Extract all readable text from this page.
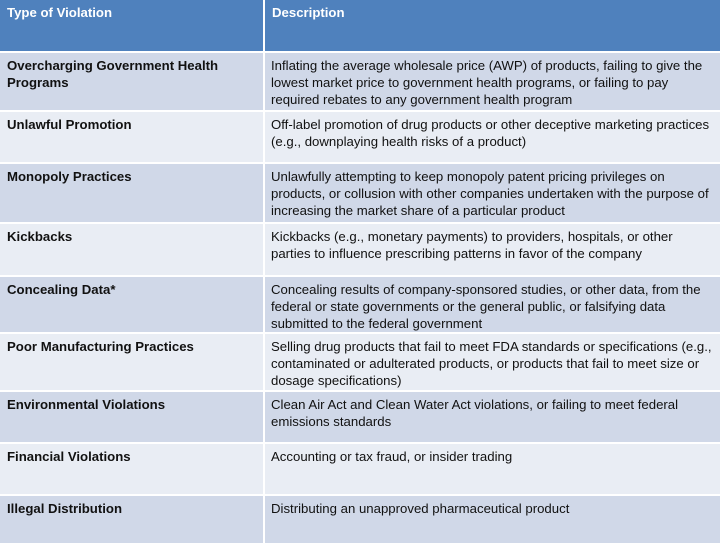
Type of Violation	Description
Overcharging Government Health Programs	Inflating the average wholesale price (AWP) of products, failing to give the lowest market price to government health programs, or failing to pay required rebates to any government health program
Unlawful Promotion	Off-label promotion of drug products or other deceptive marketing practices (e.g., downplaying health risks of a product)
Monopoly Practices	Unlawfully attempting to keep monopoly patent pricing privileges on products, or collusion with other companies undertaken with the purpose of increasing the market share of a particular product
Kickbacks	Kickbacks (e.g., monetary payments) to providers, hospitals, or other parties to influence prescribing patterns in favor of the company
Concealing Data*	Concealing results of company-sponsored studies, or other data, from the federal or state governments or the general public, or falsifying data submitted to the federal government
Poor Manufacturing Practices	Selling drug products that fail to meet FDA standards or specifications (e.g., contaminated or adulterated products, or products that fail to meet size or dosage specifications)
Environmental Violations	Clean Air Act and Clean Water Act violations, or failing to meet federal emissions standards
Financial Violations	Accounting or tax fraud, or insider trading
Illegal Distribution	Distributing an unapproved pharmaceutical product
